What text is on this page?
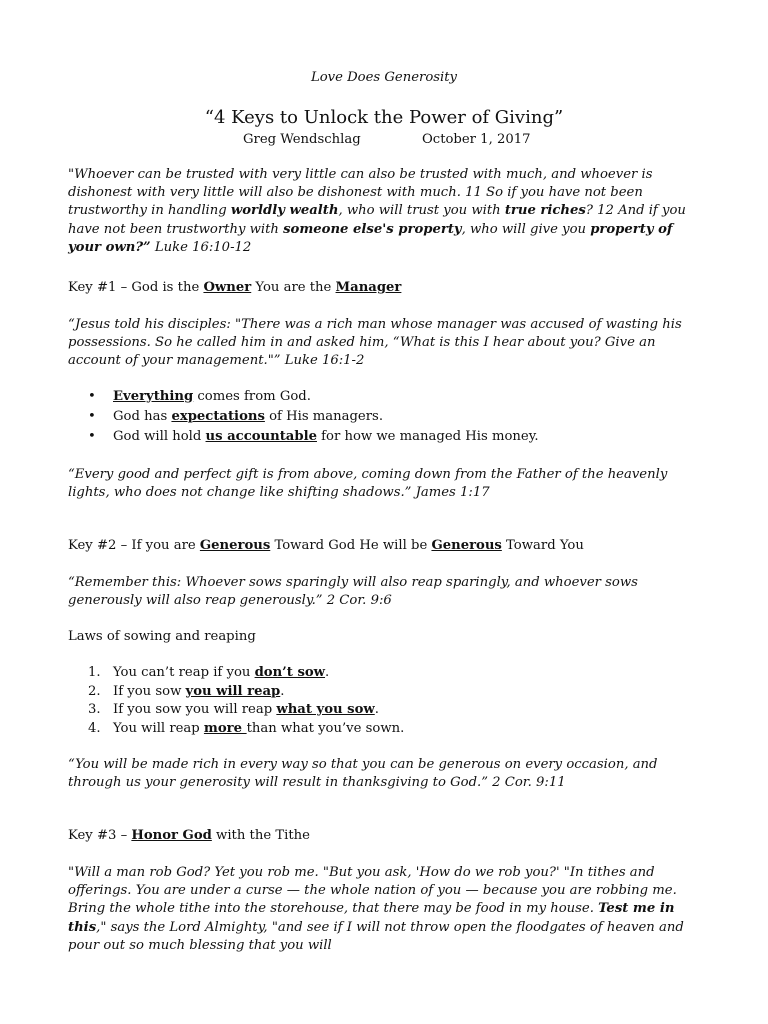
Love Does Generosity
“4 Keys to Unlock the Power of Giving”
Greg Wendschlag	October 1, 2017
"Whoever can be trusted with very little can also be trusted with much, and whoever is dishonest with very little will also be dishonest with much. 11 So if you have not been trustworthy in handling worldly wealth, who will trust you with true riches? 12 And if you have not been trustworthy with someone else's property, who will give you property of your own?” Luke 16:10-12
Key #1 – God is the Owner You are the Manager
“Jesus told his disciples: "There was a rich man whose manager was accused of wasting his possessions. So he called him in and asked him, “What is this I hear about you? Give an account of your management."” Luke 16:1-2
• Everything comes from God.
• God has expectations of His managers.
• God will hold us accountable for how we managed His money.
“Every good and perfect gift is from above, coming down from the Father of the heavenly lights, who does not change like shifting shadows.” James 1:17
Key #2 – If you are Generous Toward God He will be Generous Toward You
“Remember this: Whoever sows sparingly will also reap sparingly, and whoever sows generously will also reap generously.” 2 Cor. 9:6
Laws of sowing and reaping
1. You can’t reap if you don’t sow.
2. If you sow you will reap.
3. If you sow you will reap what you sow.
4. You will reap more than what you’ve sown.
“You will be made rich in every way so that you can be generous on every occasion, and through us your generosity will result in thanksgiving to God.” 2 Cor. 9:11
Key #3 – Honor God with the Tithe
"Will a man rob God? Yet you rob me. "But you ask, 'How do we rob you?' "In tithes and offerings. You are under a curse — the whole nation of you — because you are robbing me. Bring the whole tithe into the storehouse, that there may be food in my house. Test me in this," says the Lord Almighty, "and see if I will not throw open the floodgates of heaven and pour out so much blessing that you will
